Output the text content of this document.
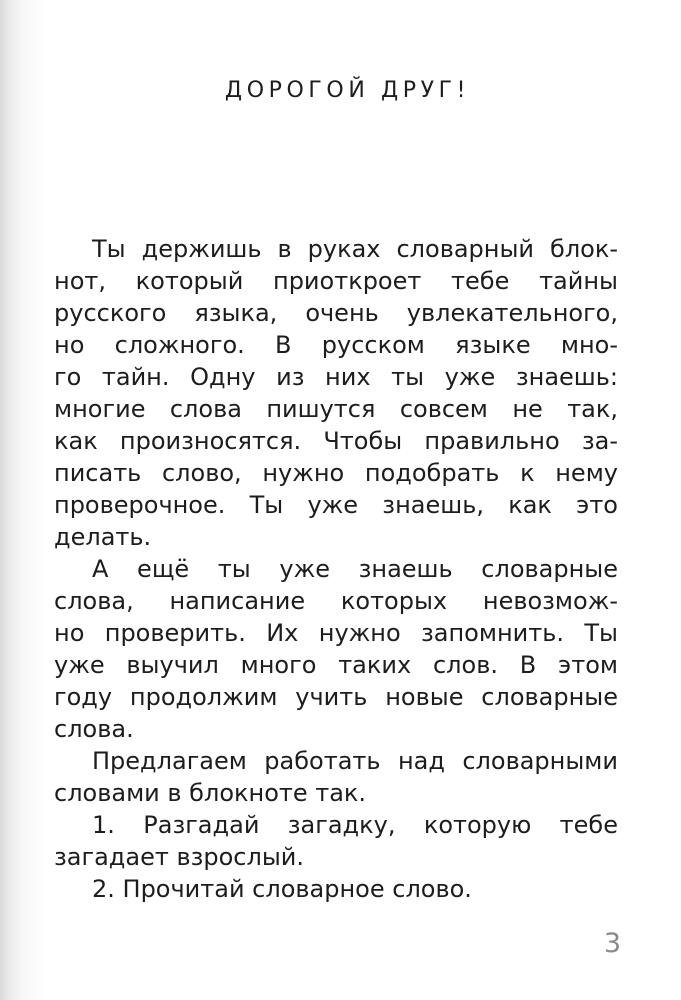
ДОРОГОЙ ДРУГ!
Ты держишь в руках словарный блок-
нот, который приоткроет тебе тайны
русского языка, очень увлекательного,
но сложного. В русском языке мно-
го тайн. Одну из них ты уже знаешь:
многие слова пишутся совсем не так,
как произносятся. Чтобы правильно за-
писать слово, нужно подобрать к нему
проверочное. Ты уже знаешь, как это
делать.
А ещё ты уже знаешь словарные
слова, написание которых невозмож-
но проверить. Их нужно запомнить. Ты
уже выучил много таких слов. В этом
году продолжим учить новые словарные
слова.
Предлагаем работать над словарными
словами в блокноте так.
1. Разгадай загадку, которую тебе
загадает взрослый.
2. Прочитай словарное слово.
3
